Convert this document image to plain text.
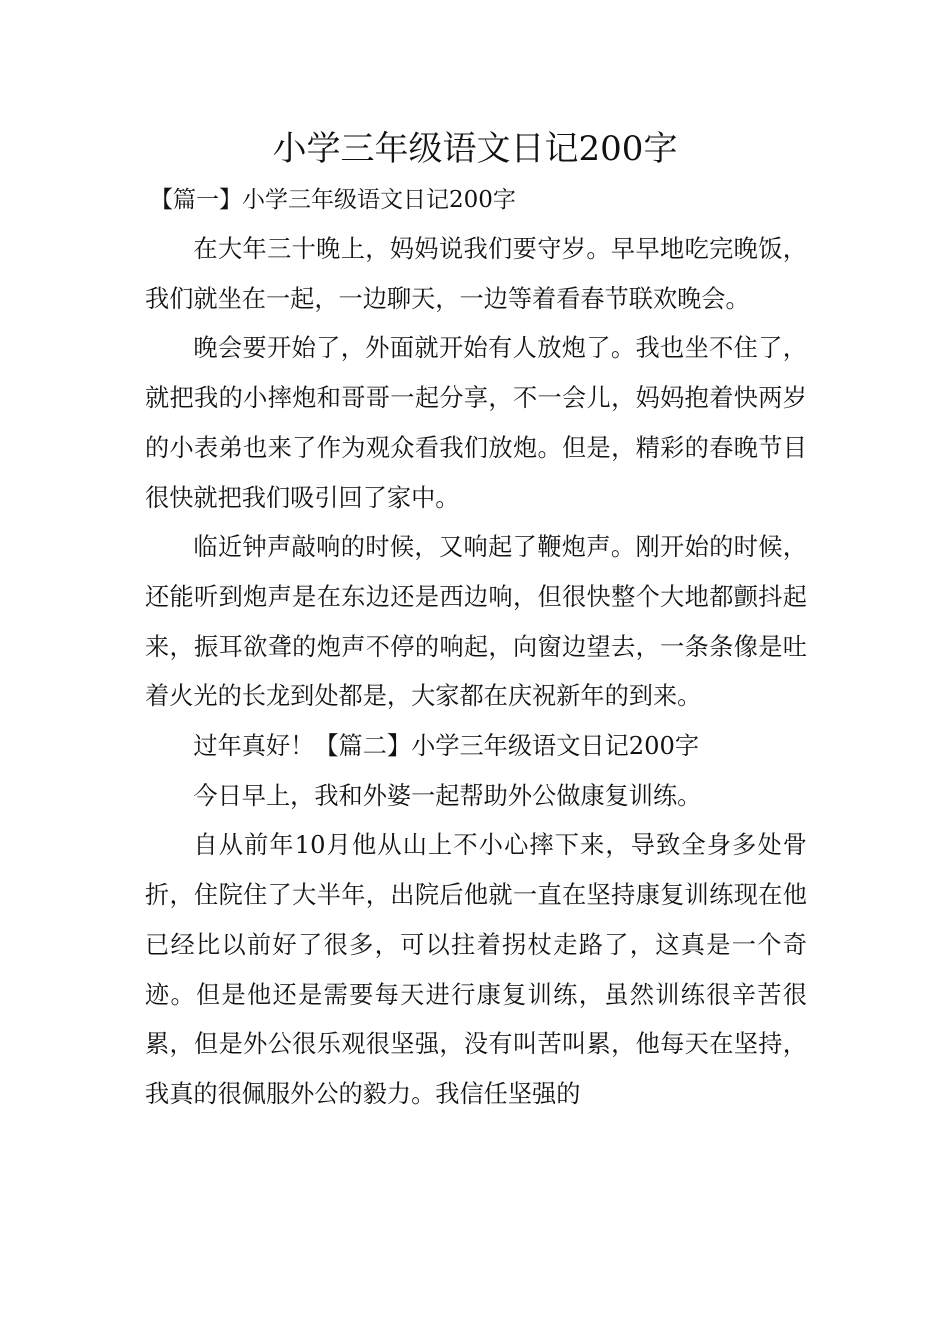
小学三年级语文日记200字
【篇一】小学三年级语文日记200字

在大年三十晚上，妈妈说我们要守岁。早早地吃完晚饭，我们就坐在一起，一边聊天，一边等着看春节联欢晚会。

晚会要开始了，外面就开始有人放炮了。我也坐不住了，就把我的小摔炮和哥哥一起分享，不一会儿，妈妈抱着快两岁的小表弟也来了作为观众看我们放炮。但是，精彩的春晚节目很快就把我们吸引回了家中。

临近钟声敲响的时候，又响起了鞭炮声。刚开始的时候，还能听到炮声是在东边还是西边响，但很快整个大地都颤抖起来，振耳欲聋的炮声不停的响起，向窗边望去，一条条像是吐着火光的长龙到处都是，大家都在庆祝新年的到来。

过年真好！【篇二】小学三年级语文日记200字

今日早上，我和外婆一起帮助外公做康复训练。

自从前年10月他从山上不小心摔下来，导致全身多处骨折，住院住了大半年，出院后他就一直在坚持康复训练现在他已经比以前好了很多，可以拄着拐杖走路了，这真是一个奇迹。但是他还是需要每天进行康复训练，虽然训练很辛苦很累，但是外公很乐观很坚强，没有叫苦叫累，他每天在坚持，我真的很佩服外公的毅力。我信任坚强的
